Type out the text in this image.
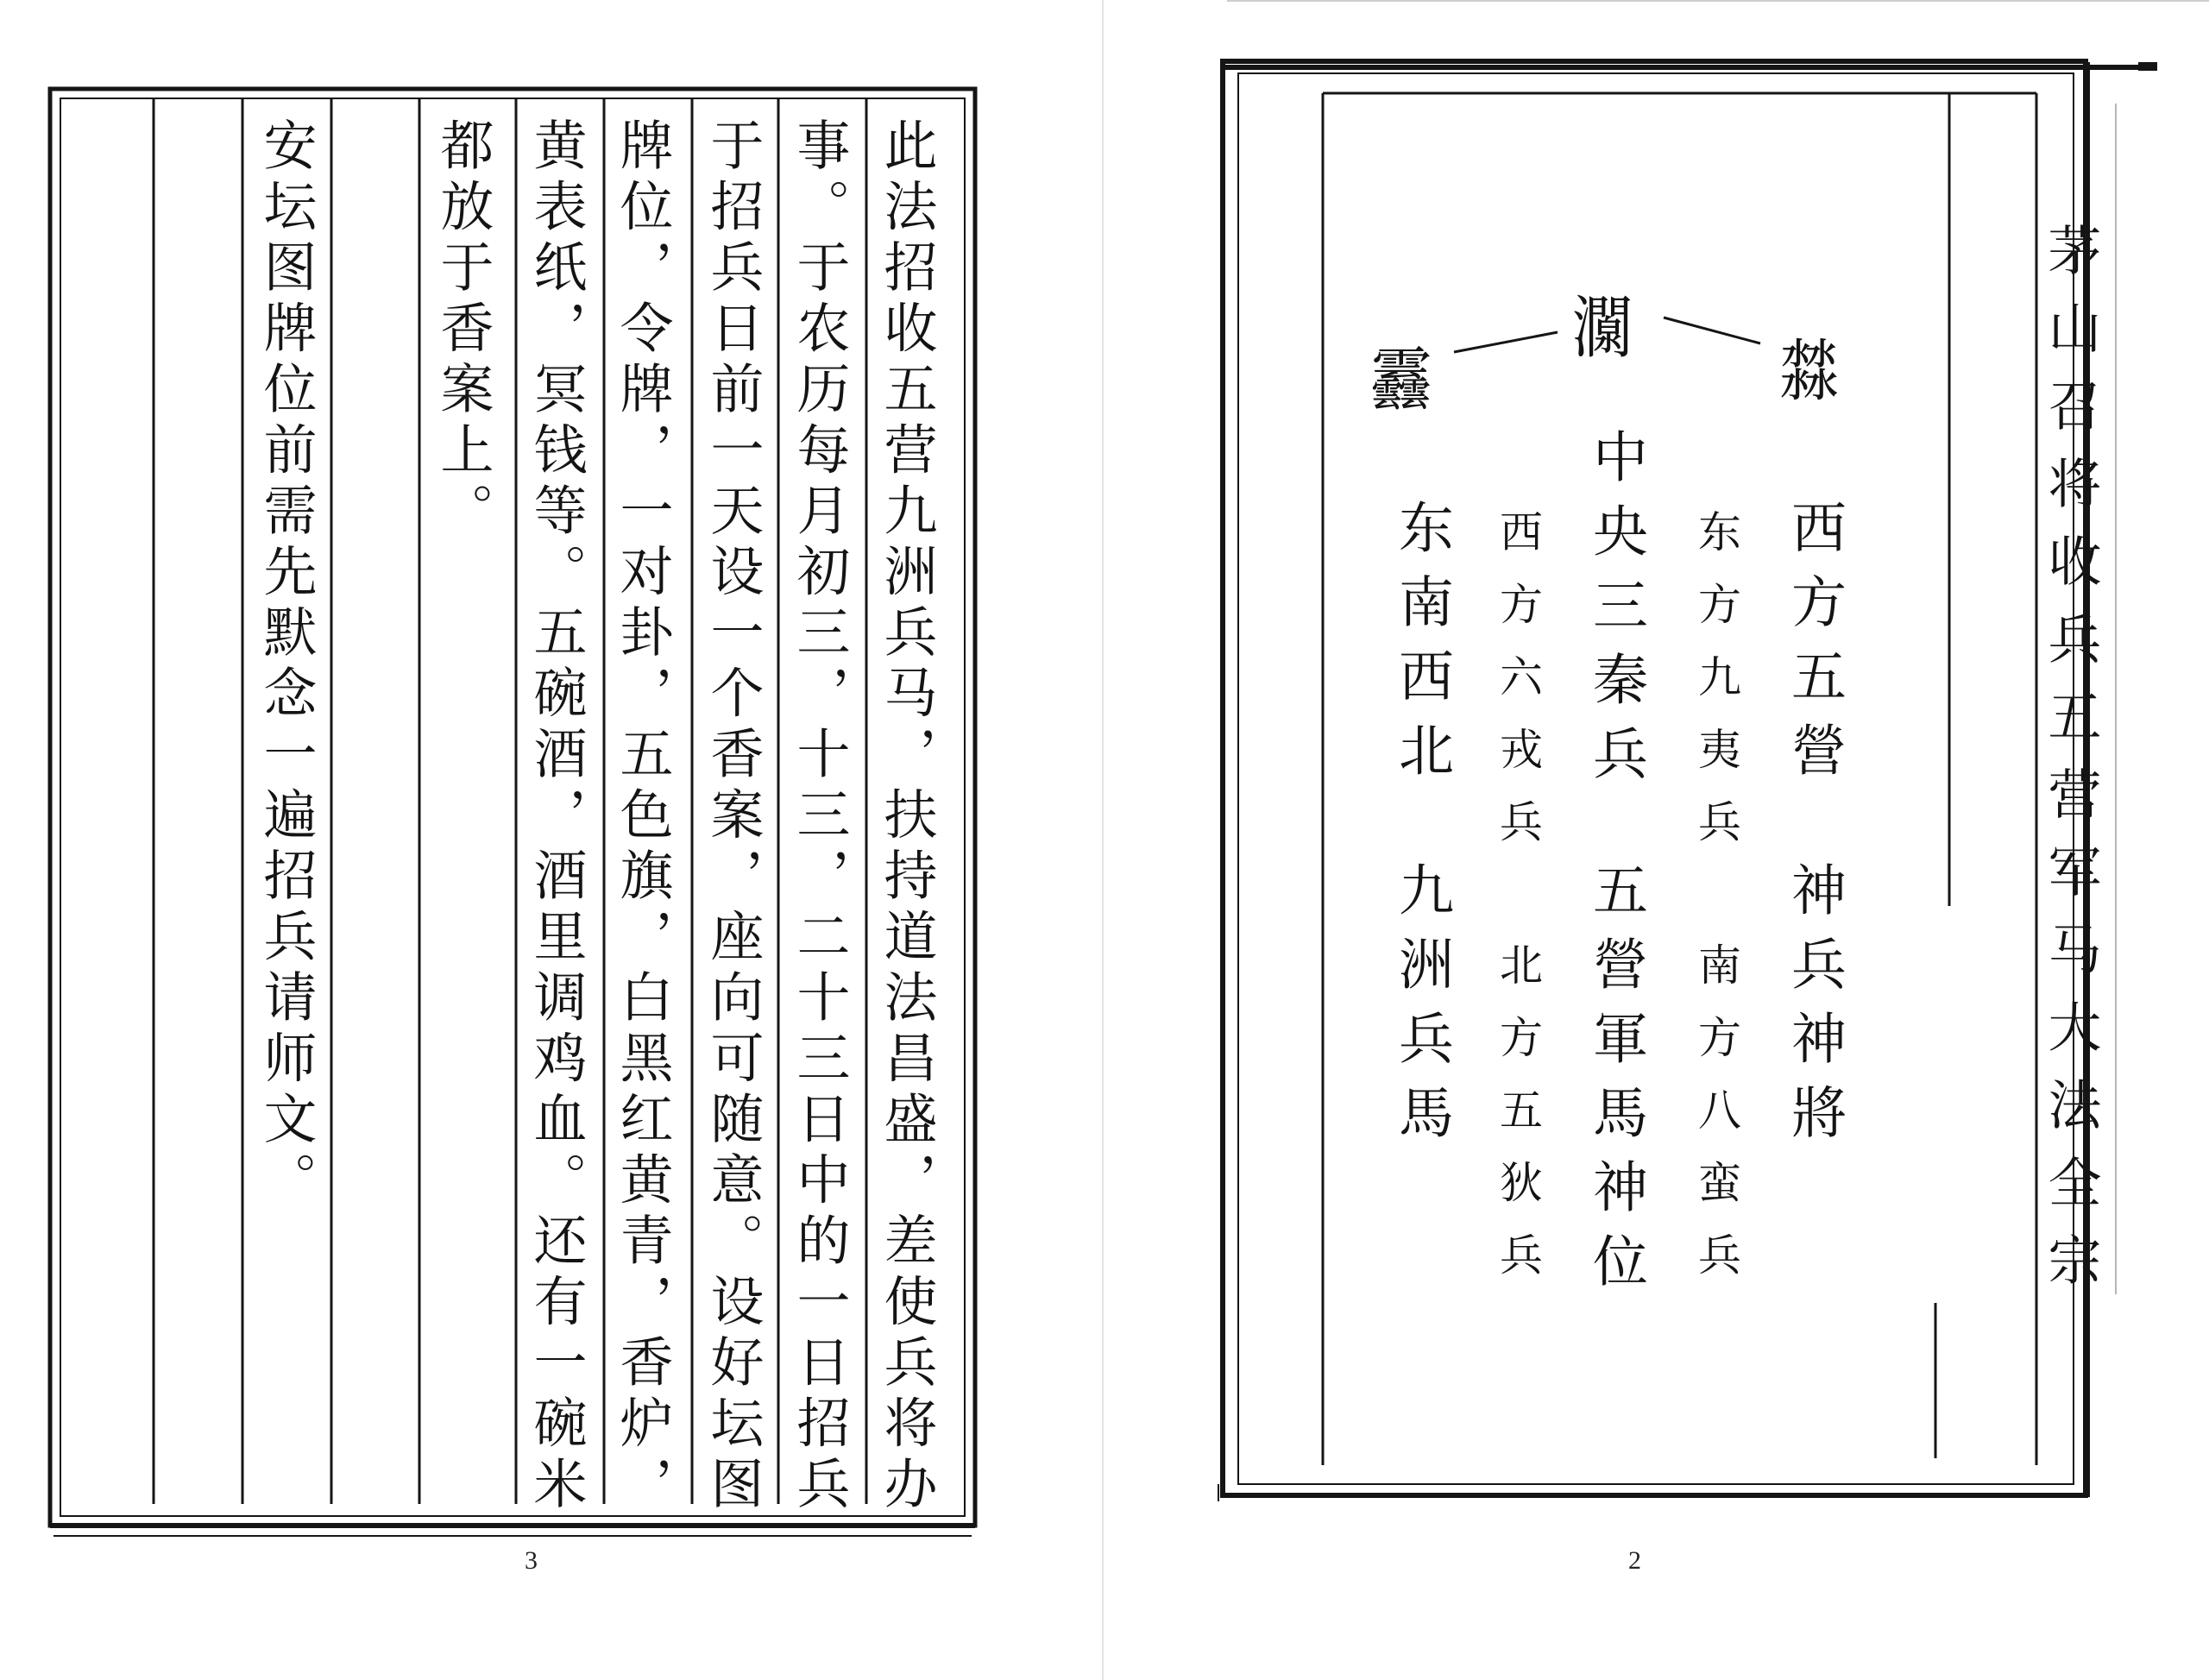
此法招收五营九洲兵马，扶持道法昌盛，差使兵将办
事。于农历每月初三，十三，二十三日中的一日招兵
于招兵日前一天设一个香案，座向可随意。设好坛图
牌位，令牌，一对卦，五色旗，白黑红黄青，香炉，
黄表纸，冥钱等。五碗酒，酒里调鸡血。还有一碗米
都放于香案上。
安坛图牌位前需先默念一遍招兵请师文。
3
䨺
灁
㵘	茅山召将收兵五营军马大法全宗
西方五營
神兵神將
东方九夷兵
南方八蛮兵
中央三秦兵
五營軍馬神位
西方六戎兵
北方五狄兵
东南西北
九洲兵馬
2
